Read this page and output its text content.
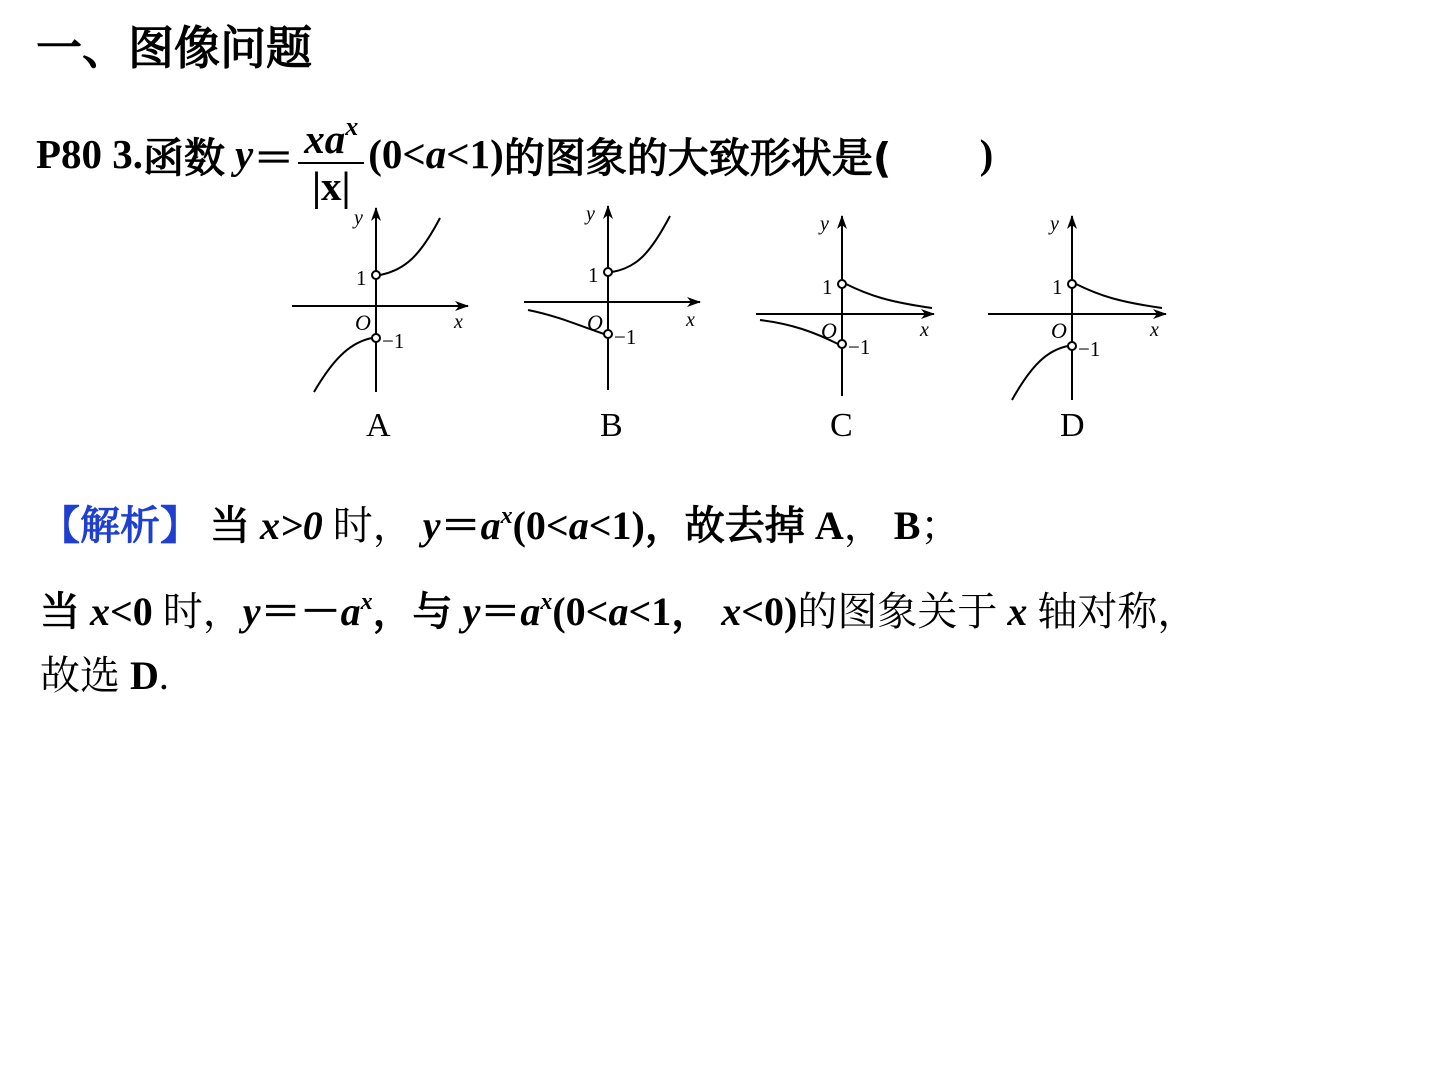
一、图像问题
P80 3. 函数 $y = \frac{xa^x}{|x|} (0< a <1)$ 的图象的大致形状是( )
y
x
O
1
−1
A
y
x
O
1
−1
B
y
x
O
1
−1
C
y
x
O
1
−1
D
【解析】 当 x>0 时， $y=a^x(0<a<1)$，故去掉 A， B；
当 x<0 时，$y=-a^x$，与 $y=a^x(0<a<1$， x<0)的图象关于 x 轴对称，
故选 D.
